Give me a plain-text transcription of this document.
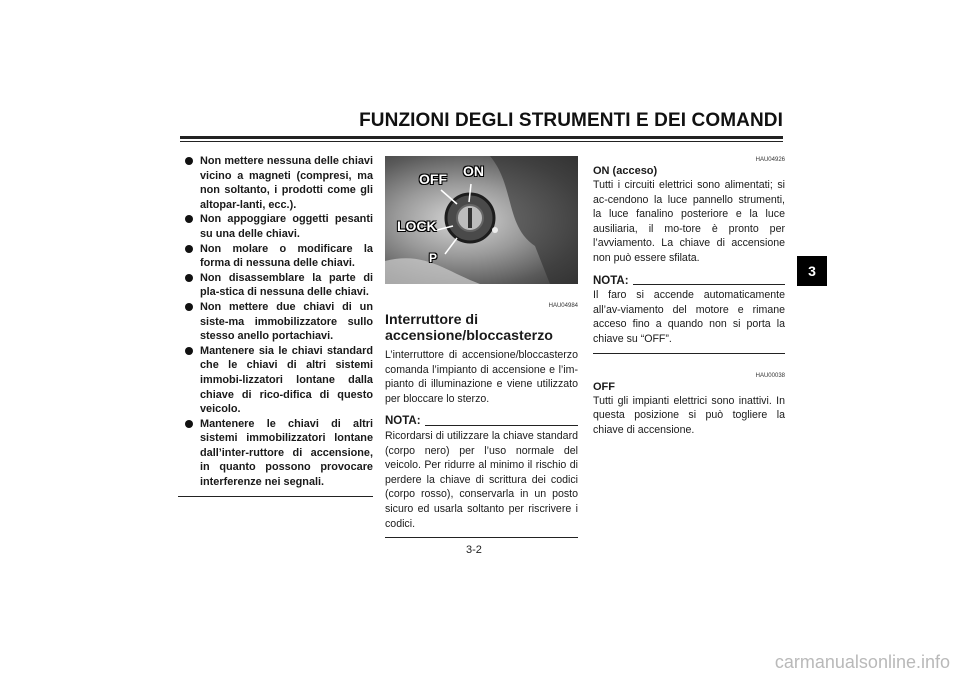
FUNZIONI DEGLI STRUMENTI E DEI COMANDI
3
Non mettere nessuna delle chiavi vicino a magneti (compresi, ma non soltanto, i prodotti come gli altopar-lanti, ecc.).
Non appoggiare oggetti pesanti su una delle chiavi.
Non molare o modificare la forma di nessuna delle chiavi.
Non disassemblare la parte di pla-stica di nessuna delle chiavi.
Non mettere due chiavi di un siste-ma immobilizzatore sullo stesso anello portachiavi.
Mantenere sia le chiavi standard che le chiavi di altri sistemi immobi-lizzatori lontane dalla chiave di rico-difica di questo veicolo.
Mantenere le chiavi di altri sistemi immobilizzatori lontane dall’inter-ruttore di accensione, in quanto possono provocare interferenze nei segnali.
OFF ON
LOCK
P
HAU04984
Interruttore di accensione/bloccasterzo

L’interruttore di accensione/bloccasterzo comanda l’impianto di accensione e l’im-pianto di illuminazione e viene utilizzato per bloccare lo sterzo.

NOTA:

Ricordarsi di utilizzare la chiave standard (corpo nero) per l’uso normale del veicolo. Per ridurre al minimo il rischio di perdere la chiave di scrittura dei codici (corpo rosso), conservarla in un posto sicuro ed usarla soltanto per riscrivere i codici.

HAU04926
ON (acceso)

Tutti i circuiti elettrici sono alimentati; si ac-cendono la luce pannello strumenti, la luce fanalino posteriore e la luce ausiliaria, il mo-tore è pronto per l’avviamento. La chiave di accensione non può essere sfilata.

NOTA:

Il faro si accende automaticamente all’av-viamento del motore e rimane acceso fino a quando non si porta la chiave su “OFF”.

HAU00038
OFF

Tutti gli impianti elettrici sono inattivi. In questa posizione si può togliere la chiave di accensione.

3-2
carmanualsonline.info
